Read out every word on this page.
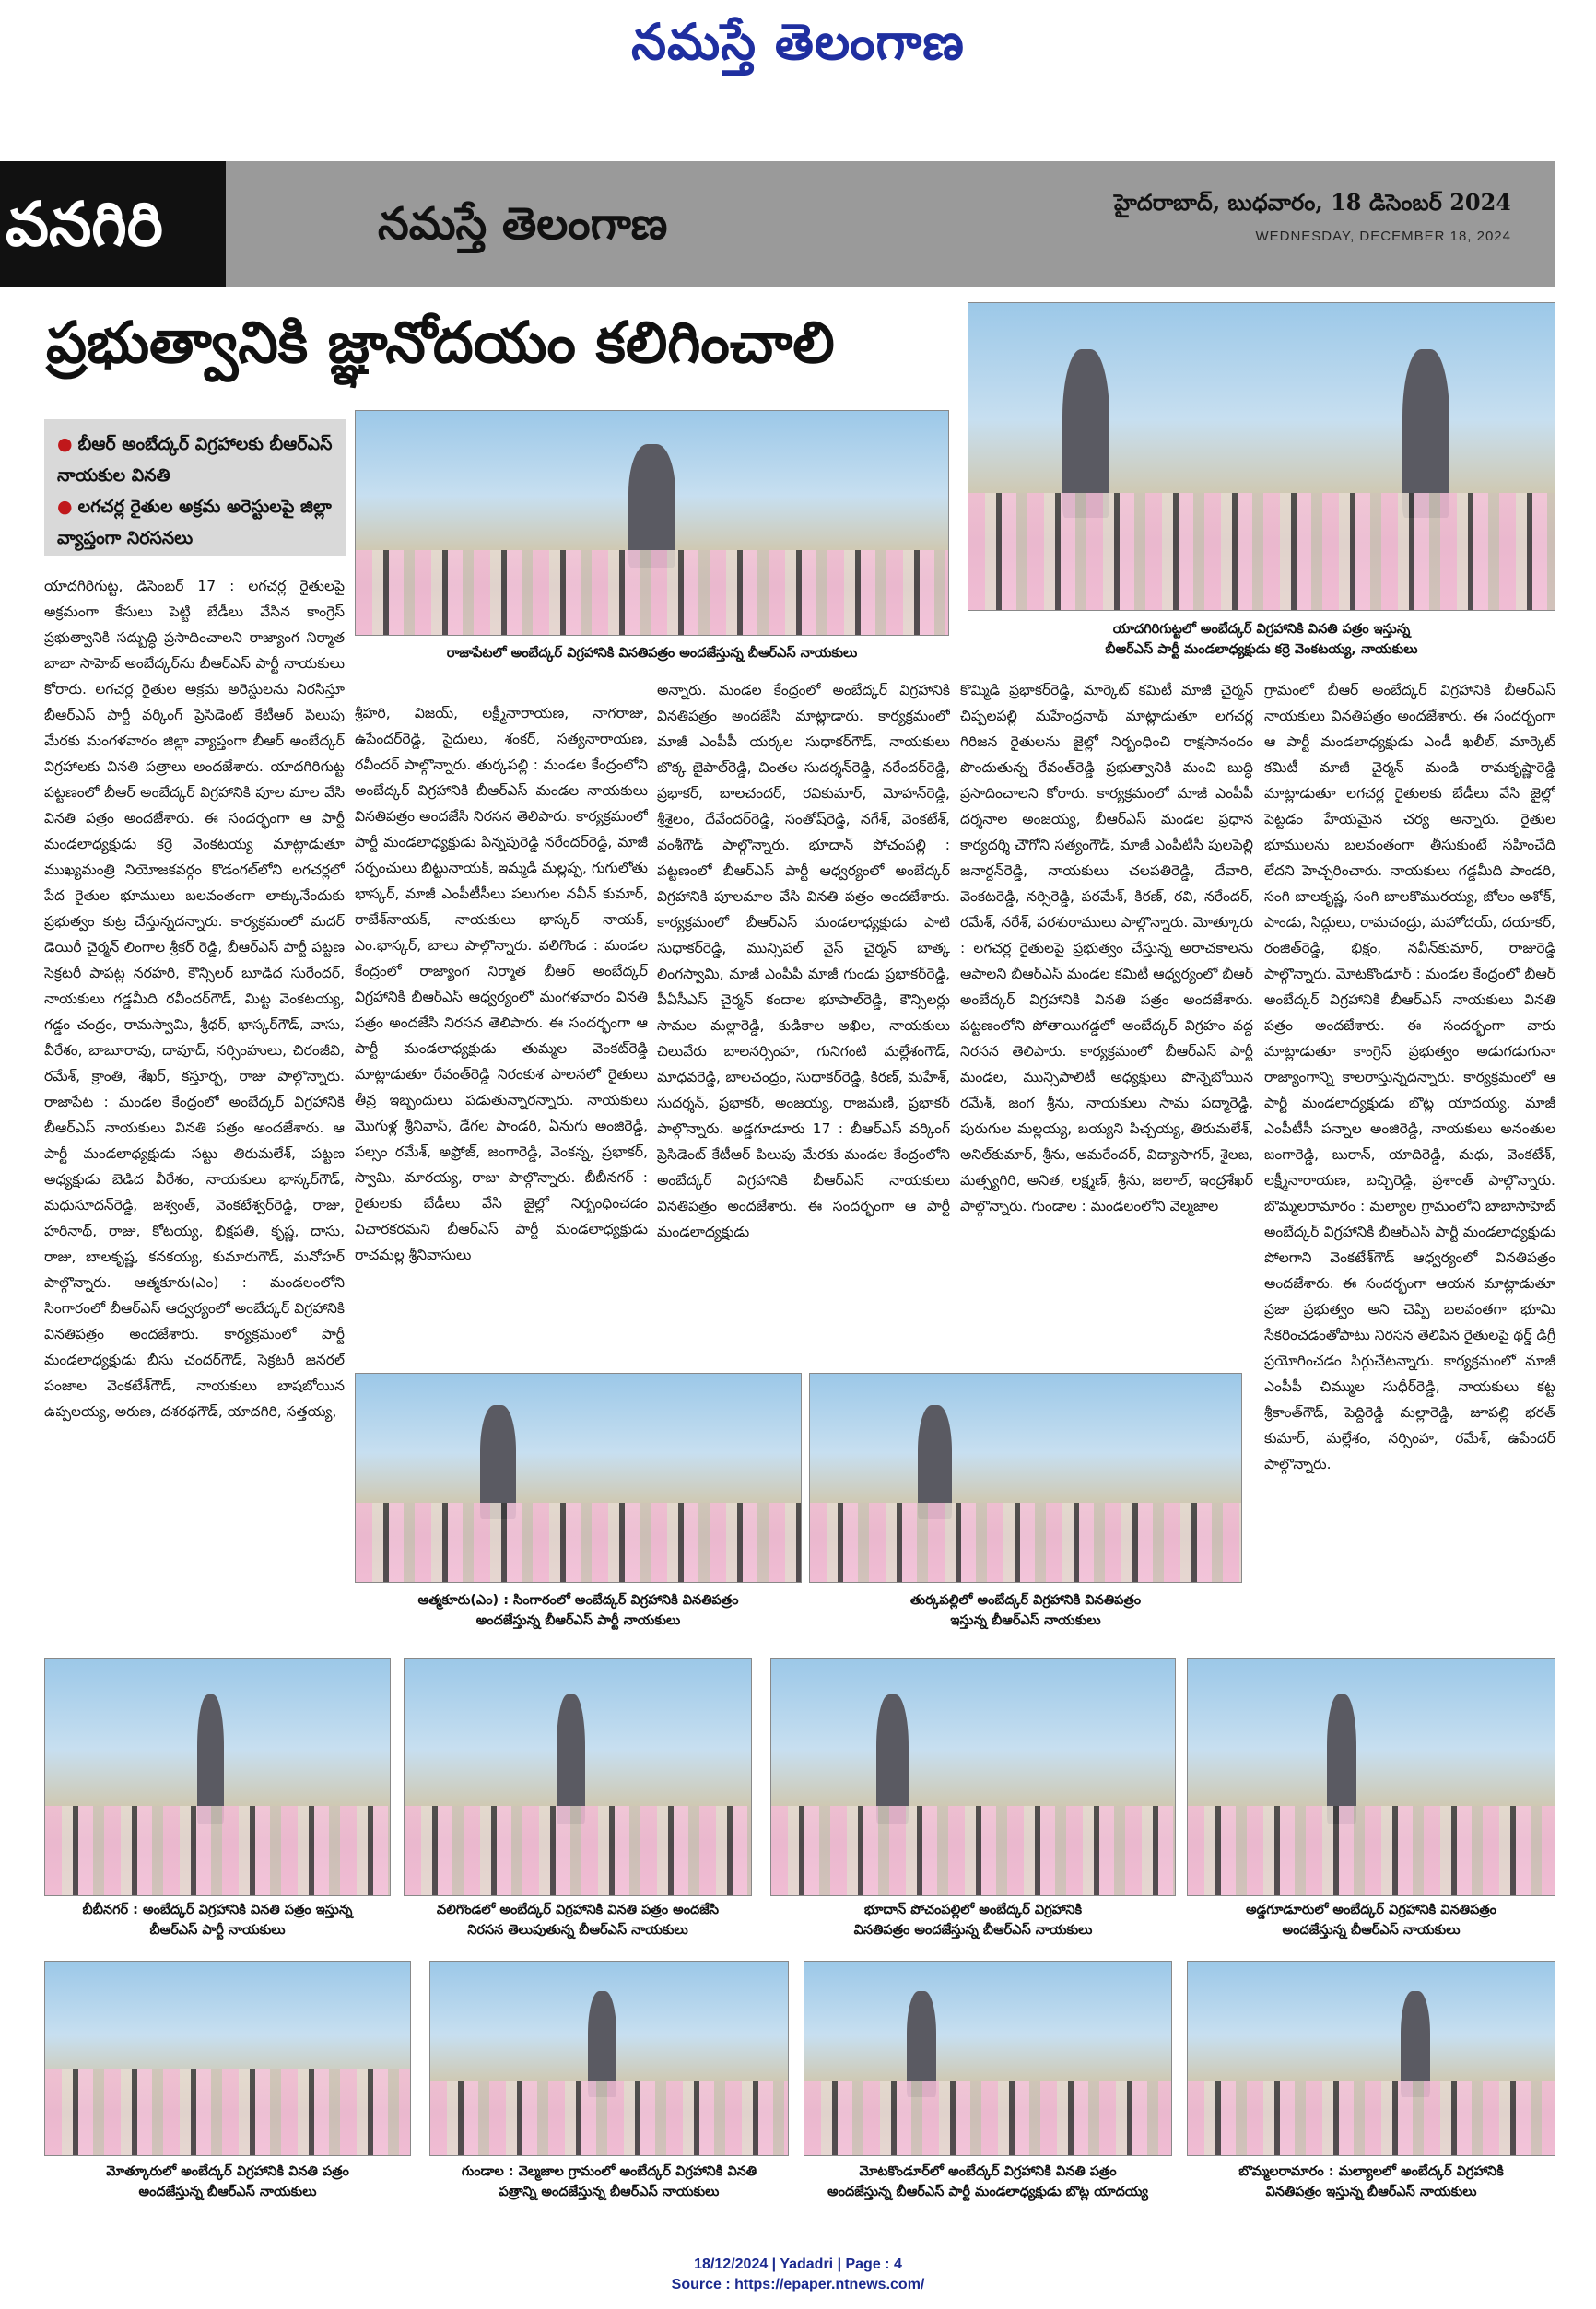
నమస్తే తెలంగాణ
వనగిరి	నమస్తే తెలంగాణ	హైదరాబాద్, బుధవారం, 18 డిసెంబర్ 2024
WEDNESDAY, DECEMBER 18, 2024
ప్రభుత్వానికి జ్ఞానోదయం కలిగించాలి
● బీఆర్ అంబేద్కర్ విగ్రహాలకు బీఆర్ఎస్ నాయకుల వినతి
● లగచర్ల రైతుల అక్రమ అరెస్టులపై జిల్లా వ్యాప్తంగా నిరసనలు
రాజాపేటలో అంబేద్కర్ విగ్రహానికి వినతిపత్రం అందజేస్తున్న బీఆర్ఎస్ నాయకులు
యాదగిరిగుట్టలో అంబేద్కర్ విగ్రహానికి వినతి పత్రం ఇస్తున్న
బీఆర్ఎస్ పార్టీ మండలాధ్యక్షుడు కర్రె వెంకటయ్య, నాయకులు
యాదగిరిగుట్ట, డిసెంబర్ 17 : లగచర్ల రైతులపై అక్రమంగా కేసులు పెట్టి బేడీలు వేసిన కాంగ్రెస్ ప్రభుత్వానికి సద్బుద్ధి ప్రసాదించాలని రాజ్యాంగ నిర్మాత బాబా సాహెబ్ అంబేద్కర్‌ను బీఆర్ఎస్ పార్టీ నాయకులు కోరారు. లగచర్ల రైతుల అక్రమ అరెస్టులను నిరసిస్తూ బీఆర్ఎస్ పార్టీ వర్కింగ్ ప్రెసిడెంట్ కేటీఆర్ పిలుపు మేరకు మంగళవారం జిల్లా వ్యాప్తంగా బీఆర్ అంబేద్కర్ విగ్రహాలకు వినతి పత్రాలు అందజేశారు. యాదగిరిగుట్ట పట్టణంలో బీఆర్ అంబేద్కర్ విగ్రహానికి పూల మాల వేసి వినతి పత్రం అందజేశారు. ఈ సందర్భంగా ఆ పార్టీ మండలాధ్యక్షుడు కర్రె వెంకటయ్య మాట్లాడుతూ ముఖ్యమంత్రి నియోజకవర్గం కొడంగల్‌లోని లగచర్లలో పేద రైతుల భూములు బలవంతంగా లాక్కునేందుకు ప్రభుత్వం కుట్ర చేస్తున్నదన్నారు. కార్యక్రమంలో మదర్ డెయిరీ చైర్మన్ లింగాల శ్రీకర్ రెడ్డి, బీఆర్ఎస్ పార్టీ పట్టణ సెక్రటరీ పాపట్ల నరహరి, కౌన్సిలర్ బూడిద సురేందర్, నాయకులు గడ్డమీది రవీందర్‌గౌడ్, మిట్ట వెంకటయ్య, గడ్డం చంద్రం, రామస్వామి, శ్రీధర్, భాస్కర్‌గౌడ్, వాసు, వీరేశం, బాబూరావు, దావూద్, నర్సింహులు, చిరంజీవి, రమేశ్, క్రాంతి, శేఖర్, కస్తూర్బ, రాజు పాల్గొన్నారు. రాజాపేట : మండల కేంద్రంలో అంబేద్కర్ విగ్రహానికి బీఆర్ఎస్ నాయకులు వినతి పత్రం అందజేశారు. ఆ పార్టీ మండలాధ్యక్షుడు సట్టు తిరుమలేశ్, పట్టణ అధ్యక్షుడు బెడిద వీరేశం, నాయకులు భాస్కర్‌గౌడ్, మధుసూదన్‌రెడ్డి, జశ్వంత్, వెంకటేశ్వర్‌రెడ్డి, రాజు, హరినాథ్, రాజు, కోటయ్య, భిక్షపతి, కృష్ణ, దాసు, రాజు, బాలకృష్ణ, కనకయ్య, కుమారుగౌడ్, మనోహర్ పాల్గొన్నారు. ఆత్మకూరు(ఎం) : మండలంలోని సింగారంలో బీఆర్ఎస్ ఆధ్వర్యంలో అంబేద్కర్ విగ్రహానికి వినతిపత్రం అందజేశారు. కార్యక్రమంలో పార్టీ మండలాధ్యక్షుడు బీసు చందర్‌గౌడ్, సెక్రటరీ జనరల్ పంజాల వెంకటేశ్‌గౌడ్, నాయకులు బాషబోయిన ఉప్పలయ్య, అరుణ, దశరథగౌడ్, యాదగిరి, సత్తయ్య,
శ్రీహరి, విజయ్, లక్ష్మీనారాయణ, నాగరాజు, ఉపేందర్‌రెడ్డి, సైదులు, శంకర్, సత్యనారాయణ, రవీందర్ పాల్గొన్నారు. తుర్కపల్లి : మండల కేంద్రంలోని అంబేద్కర్ విగ్రహానికి బీఆర్ఎస్ మండల నాయకులు వినతిపత్రం అందజేసి నిరసన తెలిపారు. కార్యక్రమంలో పార్టీ మండలాధ్యక్షుడు పిన్నపురెడ్డి నరేందర్‌రెడ్డి, మాజీ సర్పంచులు బిట్టునాయక్, ఇమ్మడి మల్లప్ప, గుగులోతు భాస్కర్, మాజీ ఎంపీటీసీలు పలుగుల నవీన్ కుమార్, రాజేశ్‌నాయక్, నాయకులు భాస్కర్ నాయక్, ఎం.భాస్కర్, బాలు పాల్గొన్నారు. వలిగొండ : మండల కేంద్రంలో రాజ్యాంగ నిర్మాత బీఆర్ అంబేద్కర్ విగ్రహానికి బీఆర్ఎస్ ఆధ్వర్యంలో మంగళవారం వినతి పత్రం అందజేసి నిరసన తెలిపారు. ఈ సందర్భంగా ఆ పార్టీ మండలాధ్యక్షుడు తుమ్మల వెంకట్‌రెడ్డి మాట్లాడుతూ రేవంత్‌రెడ్డి నిరంకుశ పాలనలో రైతులు తీవ్ర ఇబ్బందులు పడుతున్నారన్నారు. నాయకులు మొగుళ్ల శ్రీనివాస్, డేగల పాండరి, ఏనుగు అంజిరెడ్డి, పల్సం రమేశ్, అఫ్రోజ్, జంగారెడ్డి, వెంకన్న, ప్రభాకర్, స్వామి, మారయ్య, రాజు పాల్గొన్నారు. బీబీనగర్ : రైతులకు బేడీలు వేసి జైల్లో నిర్బంధించడం విచారకరమని బీఆర్ఎస్ పార్టీ మండలాధ్యక్షుడు రాచమల్ల శ్రీనివాసులు
అన్నారు. మండల కేంద్రంలో అంబేద్కర్ విగ్రహానికి వినతిపత్రం అందజేసి మాట్లాడారు. కార్యక్రమంలో మాజీ ఎంపీపీ యర్కల సుధాకర్‌గౌడ్, నాయకులు బొక్క జైపాల్‌రెడ్డి, చింతల సుదర్శన్‌రెడ్డి, నరేందర్‌రెడ్డి, ప్రభాకర్, బాలచందర్, రవికుమార్, మోహన్‌రెడ్డి, శ్రీశైలం, దేవేందర్‌రెడ్డి, సంతోష్‌రెడ్డి, నగేశ్, వెంకటేశ్, వంశీగౌడ్ పాల్గొన్నారు. భూదాన్ పోచంపల్లి : పట్టణంలో బీఆర్ఎస్ పార్టీ ఆధ్వర్యంలో అంబేద్కర్ విగ్రహానికి పూలమాల వేసి వినతి పత్రం అందజేశారు. కార్యక్రమంలో బీఆర్ఎస్ మండలాధ్యక్షుడు పాటి సుధాకర్‌రెడ్డి, మున్సిపల్ వైస్ చైర్మన్ బాత్క లింగస్వామి, మాజీ ఎంపీపీ మాజీ గుండు ప్రభాకర్‌రెడ్డి, పీఏసీఎస్ చైర్మన్ కందాల భూపాల్‌రెడ్డి, కౌన్సిలర్లు సామల మల్లారెడ్డి, కుడికాల అఖిల, నాయకులు చిలువేరు బాలనర్సింహ, గునిగంటి మల్లేశంగౌడ్, మాధవరెడ్డి, బాలచంద్రం, సుధాకర్‌రెడ్డి, కిరణ్, మహేశ్, సుదర్శన్, ప్రభాకర్, అంజయ్య, రాజమణి, ప్రభాకర్ పాల్గొన్నారు. అడ్డగూడూరు 17 : బీఆర్ఎస్ వర్కింగ్ ప్రెసిడెంట్ కేటీఆర్ పిలుపు మేరకు మండల కేంద్రంలోని అంబేద్కర్ విగ్రహానికి బీఆర్ఎస్ నాయకులు వినతిపత్రం అందజేశారు. ఈ సందర్భంగా ఆ పార్టీ మండలాధ్యక్షుడు
కొమ్మిడి ప్రభాకర్‌రెడ్డి, మార్కెట్ కమిటీ మాజీ చైర్మన్ చిప్పలపల్లి మహేంద్రనాథ్ మాట్లాడుతూ లగచర్ల గిరిజన రైతులను జైల్లో నిర్బంధించి రాక్షసానందం పొందుతున్న రేవంత్‌రెడ్డి ప్రభుత్వానికి మంచి బుద్ధి ప్రసాదించాలని కోరారు. కార్యక్రమంలో మాజీ ఎంపీపీ దర్శనాల అంజయ్య, బీఆర్ఎస్ మండల ప్రధాన కార్యదర్శి చౌగోని సత్యంగౌడ్, మాజీ ఎంపీటీసీ పులపెల్లి జనార్దన్‌రెడ్డి, నాయకులు చలపతిరెడ్డి, దేవారి, వెంకటరెడ్డి, నర్సిరెడ్డి, పరమేశ్, కిరణ్, రవి, నరేందర్, రమేశ్, నరేశ్, పరశురాములు పాల్గొన్నారు. మోత్కూరు : లగచర్ల రైతులపై ప్రభుత్వం చేస్తున్న అరాచకాలను ఆపాలని బీఆర్ఎస్ మండల కమిటీ ఆధ్వర్యంలో బీఆర్ అంబేద్కర్ విగ్రహానికి వినతి పత్రం అందజేశారు. పట్టణంలోని పోతాయిగడ్డలో అంబేద్కర్ విగ్రహం వద్ద నిరసన తెలిపారు. కార్యక్రమంలో బీఆర్ఎస్ పార్టీ మండల, మున్సిపాలిటీ అధ్యక్షులు పొన్నెబోయిన రమేశ్, జంగ శ్రీను, నాయకులు సామ పద్మారెడ్డి, పురుగుల మల్లయ్య, బయ్యని పిచ్చయ్య, తిరుమలేశ్, అనిల్‌కుమార్, శ్రీను, అమరేందర్, విద్యాసాగర్, శైలజ, మత్స్యగిరి, అనిత, లక్ష్మణ్, శ్రీను, జలాల్, ఇంద్రశేఖర్ పాల్గొన్నారు. గుండాల : మండలంలోని వెల్మజాల
గ్రామంలో బీఆర్ అంబేద్కర్ విగ్రహానికి బీఆర్ఎస్ నాయకులు వినతిపత్రం అందజేశారు. ఈ సందర్భంగా ఆ పార్టీ మండలాధ్యక్షుడు ఎండీ ఖలీల్, మార్కెట్ కమిటీ మాజీ చైర్మన్ మండి రామకృష్ణారెడ్డి మాట్లాడుతూ లగచర్ల రైతులకు బేడీలు వేసి జైల్లో పెట్టడం హేయమైన చర్య అన్నారు. రైతుల భూములను బలవంతంగా తీసుకుంటే సహించేది లేదని హెచ్చరించారు. నాయకులు గడ్డమీది పాండరి, సంగి బాలకృష్ణ, సంగి బాలకొమురయ్య, జోలం అశోక్, పాండు, సిద్ధులు, రామచంద్రు, మహోదయ్, దయాకర్, రంజిత్‌రెడ్డి, భిక్షం, నవీన్‌కుమార్, రాజురెడ్డి పాల్గొన్నారు. మోటకొండూర్ : మండల కేంద్రంలో బీఆర్ అంబేద్కర్ విగ్రహానికి బీఆర్ఎస్ నాయకులు వినతి పత్రం అందజేశారు. ఈ సందర్భంగా వారు మాట్లాడుతూ కాంగ్రెస్ ప్రభుత్వం అడుగడుగునా రాజ్యాంగాన్ని కాలరాస్తున్నదన్నారు. కార్యక్రమంలో ఆ పార్టీ మండలాధ్యక్షుడు బొట్ల యాదయ్య, మాజీ ఎంపీటీసీ పన్నాల అంజిరెడ్డి, నాయకులు అనంతుల జంగారెడ్డి, బురాన్, యాదిరెడ్డి, మధు, వెంకటేశ్, లక్ష్మీనారాయణ, బచ్చిరెడ్డి, ప్రశాంత్ పాల్గొన్నారు. బొమ్మలరామారం : మల్యాల గ్రామంలోని బాబాసాహెబ్ అంబేద్కర్ విగ్రహానికి బీఆర్ఎస్ పార్టీ మండలాధ్యక్షుడు పోలగాని వెంకటేశ్‌గౌడ్ ఆధ్వర్యంలో వినతిపత్రం అందజేశారు. ఈ సందర్భంగా ఆయన మాట్లాడుతూ ప్రజా ప్రభుత్వం అని చెప్పి బలవంతగా భూమి సేకరించడంతోపాటు నిరసన తెలిపిన రైతులపై థర్డ్ డిగ్రీ ప్రయోగించడం సిగ్గుచేటన్నారు. కార్యక్రమంలో మాజీ ఎంపీపీ చిమ్ముల సుధీర్‌రెడ్డి, నాయకులు కట్ట శ్రీకాంత్‌గౌడ్, పెద్దిరెడ్డి మల్లారెడ్డి, జూపల్లి భరత్ కుమార్, మల్లేశం, నర్సింహ, రమేశ్, ఉపేందర్ పాల్గొన్నారు.
ఆత్మకూరు(ఎం) : సింగారంలో అంబేద్కర్ విగ్రహానికి వినతిపత్రం
అందజేస్తున్న బీఆర్ఎస్ పార్టీ నాయకులు
తుర్కపల్లిలో అంబేద్కర్ విగ్రహానికి వినతిపత్రం
ఇస్తున్న బీఆర్ఎస్ నాయకులు
బీబీనగర్ : అంబేద్కర్ విగ్రహానికి వినతి పత్రం ఇస్తున్న
బీఆర్ఎస్ పార్టీ నాయకులు
వలిగొండలో అంబేద్కర్ విగ్రహానికి వినతి పత్రం అందజేసి
నిరసన తెలుపుతున్న బీఆర్ఎస్ నాయకులు
భూదాన్ పోచంపల్లిలో అంబేద్కర్ విగ్రహానికి
వినతిపత్రం అందజేస్తున్న బీఆర్ఎస్ నాయకులు
అడ్డగూడూరులో అంబేద్కర్ విగ్రహానికి వినతిపత్రం
అందజేస్తున్న బీఆర్ఎస్ నాయకులు
మోత్కూరులో అంబేద్కర్ విగ్రహానికి వినతి పత్రం
అందజేస్తున్న బీఆర్ఎస్ నాయకులు
గుండాల : వెల్మజాల గ్రామంలో అంబేద్కర్ విగ్రహానికి వినతి
పత్రాన్ని అందజేస్తున్న బీఆర్ఎస్ నాయకులు
మోటకొండూర్‌లో అంబేద్కర్ విగ్రహానికి వినతి పత్రం
అందజేస్తున్న బీఆర్ఎస్ పార్టీ మండలాధ్యక్షుడు బొట్ల యాదయ్య
బొమ్మలరామారం : మల్యాలలో అంబేద్కర్ విగ్రహానికి
వినతిపత్రం ఇస్తున్న బీఆర్ఎస్ నాయకులు
18/12/2024 | Yadadri | Page : 4
Source : https://epaper.ntnews.com/
